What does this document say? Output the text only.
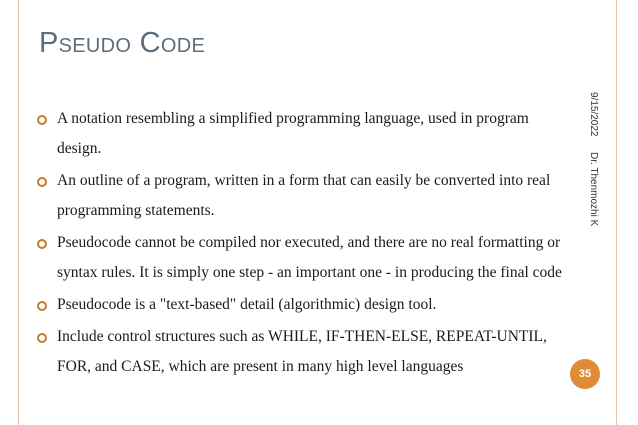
Pseudo Code
A notation resembling a simplified programming language, used in program design.
An outline of a program, written in a form that can easily be converted into real programming statements.
Pseudocode cannot be compiled nor executed, and there are no real formatting or syntax rules. It is simply one step - an important one - in producing the final code
Pseudocode is a "text-based" detail (algorithmic) design tool.
Include control structures such as WHILE, IF-THEN-ELSE, REPEAT-UNTIL, FOR, and CASE, which are present in many high level languages
9/15/2022
Dr. Thenmozhi K
35
